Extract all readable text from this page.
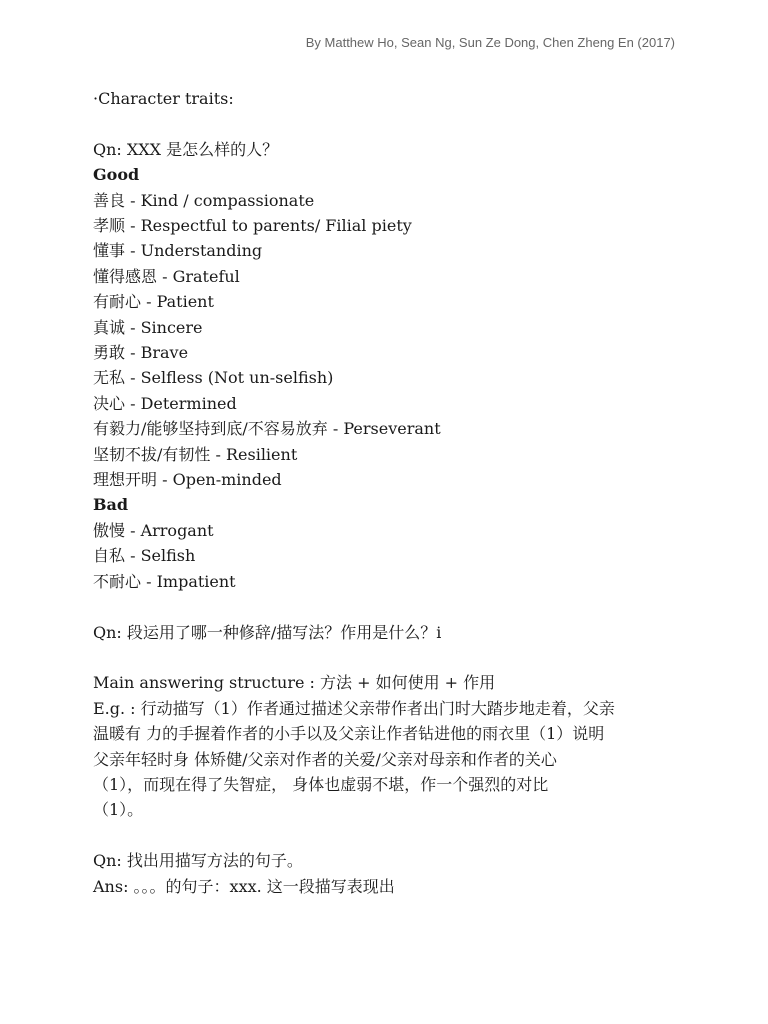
By Matthew Ho, Sean Ng, Sun Ze Dong, Chen Zheng En (2017)
·Character traits:
Qn: XXX 是怎么样的人？
Good
善良 - Kind / compassionate
孝顺 - Respectful to parents/ Filial piety
懂事 - Understanding
懂得感恩 - Grateful
有耐心 - Patient
真诚 - Sincere
勇敢 - Brave
无私 - Selfless (Not un-selfish)
决心 - Determined
有毅力/能够坚持到底/不容易放弃 - Perseverant
坚韧不拔/有韧性 - Resilient
理想开明 - Open-minded
Bad
傲慢 - Arrogant
自私 - Selfish
不耐心 - Impatient
Qn: 段运用了哪一种修辞/描写法？作用是什么？i
Main answering structure : 方法 + 如何使用 + 作用
E.g. : 行动描写（1）作者通过描述父亲带作者出门时大踏步地走着，父亲
温暖有 力的手握着作者的小手以及父亲让作者钻进他的雨衣里（1）说明
父亲年轻时身 体矫健/父亲对作者的关爱/父亲对母亲和作者的关心
（1），而现在得了失智症， 身体也虚弱不堪，作一个强烈的对比
（1）。
Qn: 找出用描写方法的句子。
Ans: 。。。的句子：xxx. 这一段描写表现出
